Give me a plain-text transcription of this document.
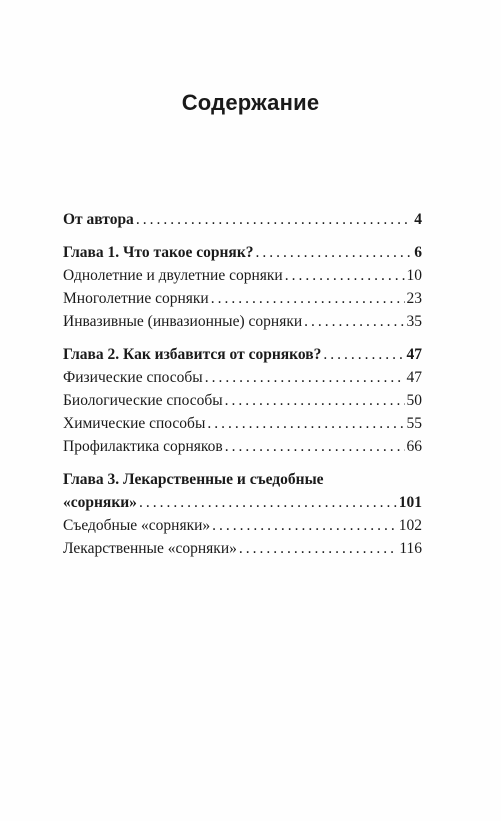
Содержание
От автора .....	4
Глава 1. Что такое сорняк? .....	6
Однолетние и двулетние сорняки .....	10
Многолетние сорняки .....	23
Инвазивные (инвазионные) сорняки .....	35
Глава 2. Как избавится от сорняков? .....	47
Физические способы .....	47
Биологические способы .....	50
Химические способы .....	55
Профилактика сорняков .....	66
Глава 3. Лекарственные и съедобные
«сорняки» .....	101
Съедобные «сорняки» .....	102
Лекарственные «сорняки» .....	116
